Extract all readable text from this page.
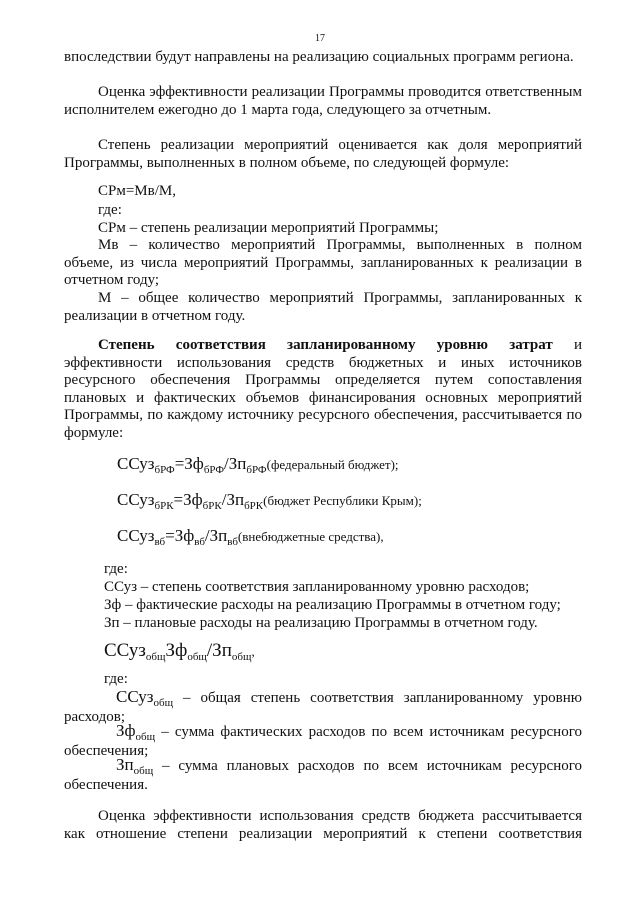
17

впоследствии будут направлены на реализацию социальных программ региона.

Оценка эффективности реализации Программы проводится ответственным исполнителем ежегодно до 1 марта года, следующего за отчетным.

Степень реализации мероприятий оценивается как доля мероприятий Программы, выполненных в полном объеме, по следующей формуле:

СРм=Мв/М,
где:
СРм – степень реализации мероприятий Программы;

Мв – количество мероприятий Программы, выполненных в полном объеме, из числа мероприятий Программы, запланированных к реализации в отчетном году;

М – общее количество мероприятий Программы, запланированных к реализации в отчетном году.

Степень соответствия запланированному уровню затрат и эффективности использования средств бюджетных и иных источников ресурсного обеспечения Программы определяется путем сопоставления плановых и фактических объемов финансирования основных мероприятий Программы, по каждому источнику ресурсного обеспечения, рассчитывается по формуле:

$ССуз_{бРФ}=Зф_{бРФ}/Зп_{бРФ}(федеральный$ бюджет);
$ССуз_{бРК}=Зф_{бРК}/Зп_{бРК}(бюджет$ Республики Крым);
$ССуз_{вб}=Зф_{вб}/Зп_{вб}(внебюджетные$ средства),
где:
ССуз – степень соответствия запланированному уровню расходов;
Зф – фактические расходы на реализацию Программы в отчетном году;
Зп – плановые расходы на реализацию Программы в отчетном году.
$ССуз_{общ}Зф_{общ}/Зп_{общ}$,
где:

ССуз$_{общ}$ – общая степень соответствия запланированному уровню расходов;

$Зф_{общ}$ – сумма фактических расходов по всем источникам ресурсного обеспечения;

$Зп_{общ}$ – сумма плановых расходов по всем источникам ресурсного обеспечения.

Оценка эффективности использования средств бюджета рассчитывается как отношение степени реализации мероприятий к степени соответствия
